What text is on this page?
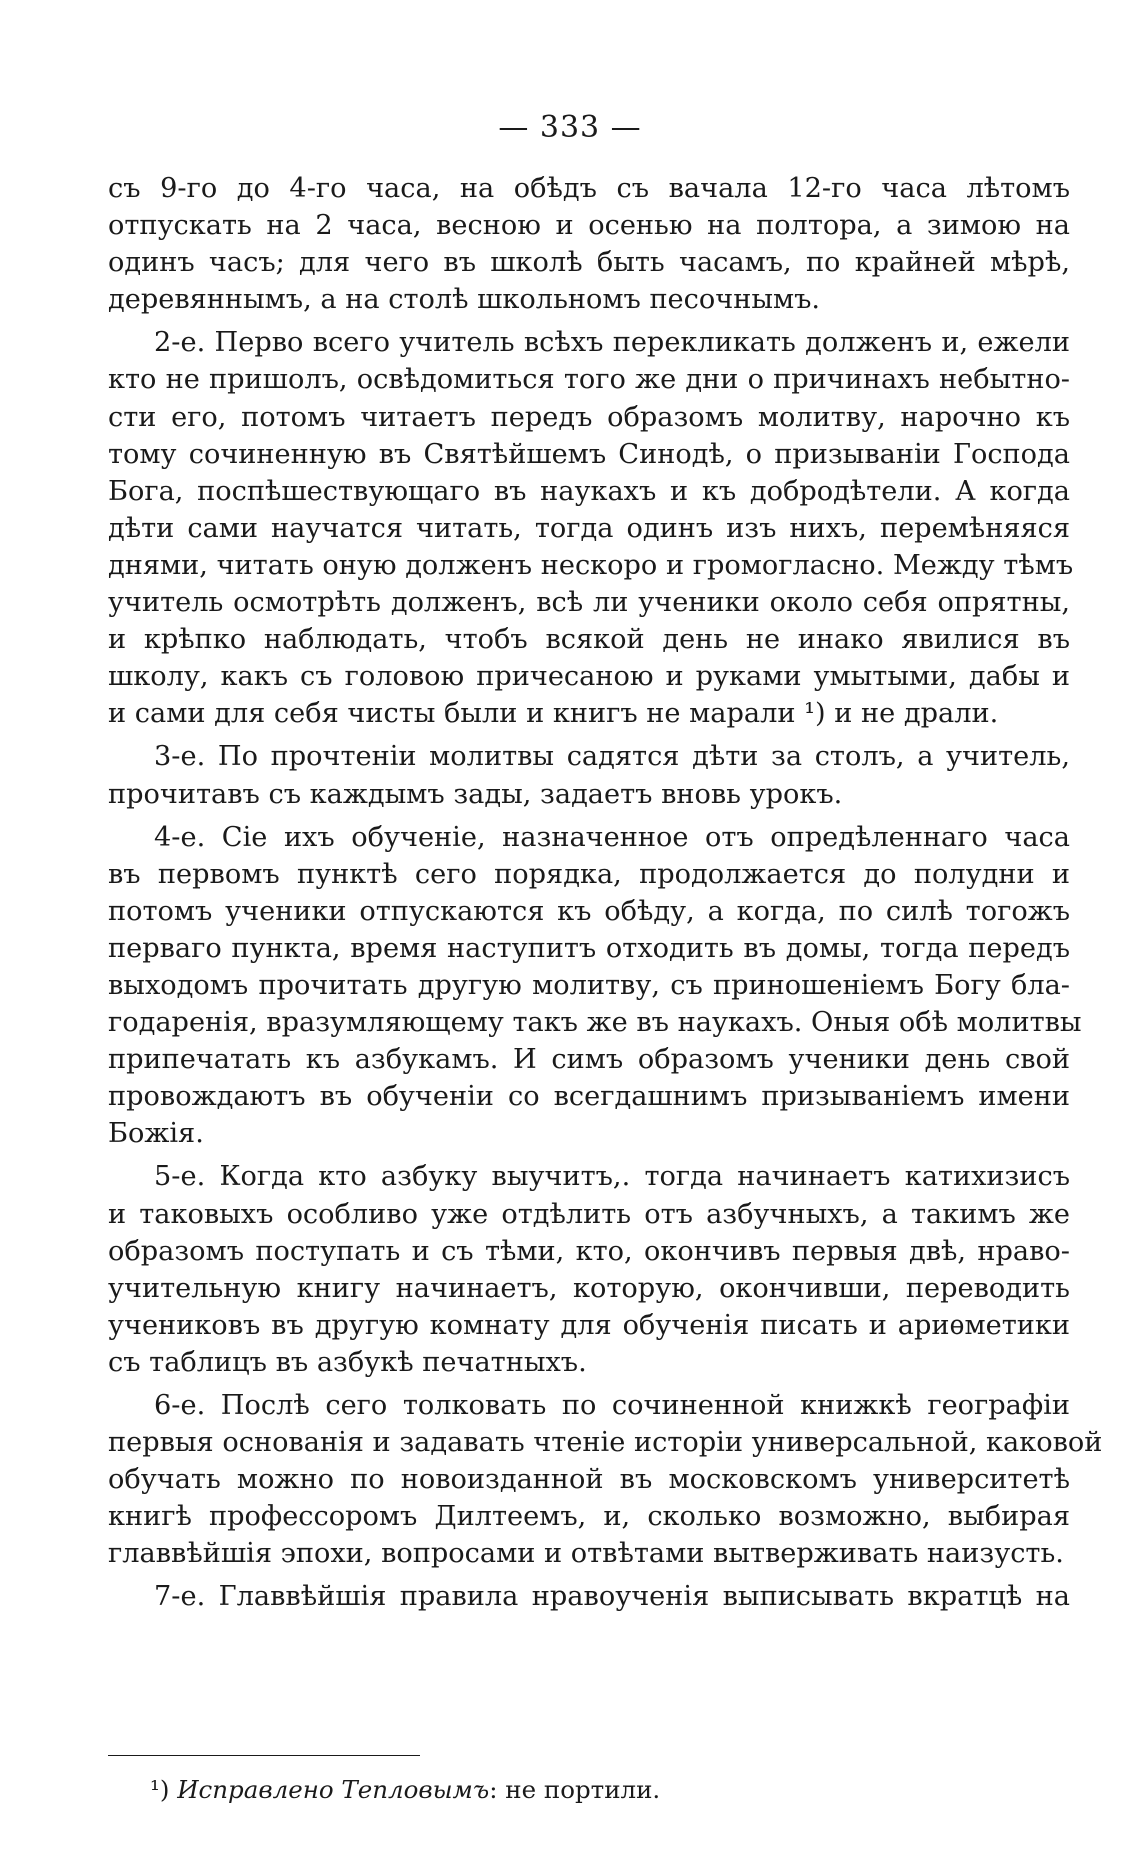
— 333 —
съ 9-го до 4-го часа, на обѣдъ съ вачала 12-го часа лѣтомъ
отпускать на 2 часа, весною и осенью на полтора, а зимою на
одинъ часъ; для чего въ школѣ быть часамъ, по крайней мѣрѣ,
деревяннымъ, а на столѣ школьномъ песочнымъ.
2-е. Перво всего учитель всѣхъ перекликать долженъ и, ежели
кто не пришолъ, освѣдомиться того же дни о причинахъ небытно-
сти его, потомъ читаетъ передъ образомъ молитву, нарочно къ
тому сочиненную въ Святѣйшемъ Синодѣ, о призываніи Господа
Бога, поспѣшествующаго въ наукахъ и къ добродѣтели. А когда
дѣти сами научатся читать, тогда одинъ изъ нихъ, перемѣняяся
днями, читать оную долженъ нескоро и громогласно. Между тѣмъ
учитель осмотрѣть долженъ, всѣ ли ученики около себя опрятны,
и крѣпко наблюдать, чтобъ всякой день не инако явилися въ
школу, какъ съ головою причесаною и руками умытыми, дабы и
и сами для себя чисты были и книгъ не марали ¹) и не драли.
3-е. По прочтеніи молитвы садятся дѣти за столъ, а учитель,
прочитавъ съ каждымъ зады, задаетъ вновь урокъ.
4-е. Сіе ихъ обученіе, назначенное отъ опредѣленнаго часа
въ первомъ пунктѣ сего порядка, продолжается до полудни и
потомъ ученики отпускаются къ обѣду, а когда, по силѣ тогожъ
перваго пункта, время наступитъ отходить въ домы, тогда передъ
выходомъ прочитать другую молитву, съ приношеніемъ Богу бла-
годаренія, вразумляющему такъ же въ наукахъ. Оныя обѣ молитвы
припечатать къ азбукамъ. И симъ образомъ ученики день свой
провождаютъ въ обученіи со всегдашнимъ призываніемъ имени
Божія.
5-е. Когда кто азбуку выучитъ,. тогда начинаетъ катихизисъ
и таковыхъ особливо уже отдѣлить отъ азбучныхъ, а такимъ же
образомъ поступать и съ тѣми, кто, окончивъ первыя двѣ, нраво-
учительную книгу начинаетъ, которую, окончивши, переводить
учениковъ въ другую комнату для обученія писать и ариѳметики
съ таблицъ въ азбукѣ печатныхъ.
6-е. Послѣ сего толковать по сочиненной книжкѣ географіи
первыя основанія и задавать чтеніе исторіи универсальной, каковой
обучать можно по новоизданной въ московскомъ университетѣ
книгѣ профессоромъ Дилтеемъ, и, сколько возможно, выбирая
главвѣйшія эпохи, вопросами и отвѣтами вытверживать наизусть.
7-е. Главвѣйшія правила нравоученія выписывать вкратцѣ на
¹) Исправлено Тепловымъ: не портили.
